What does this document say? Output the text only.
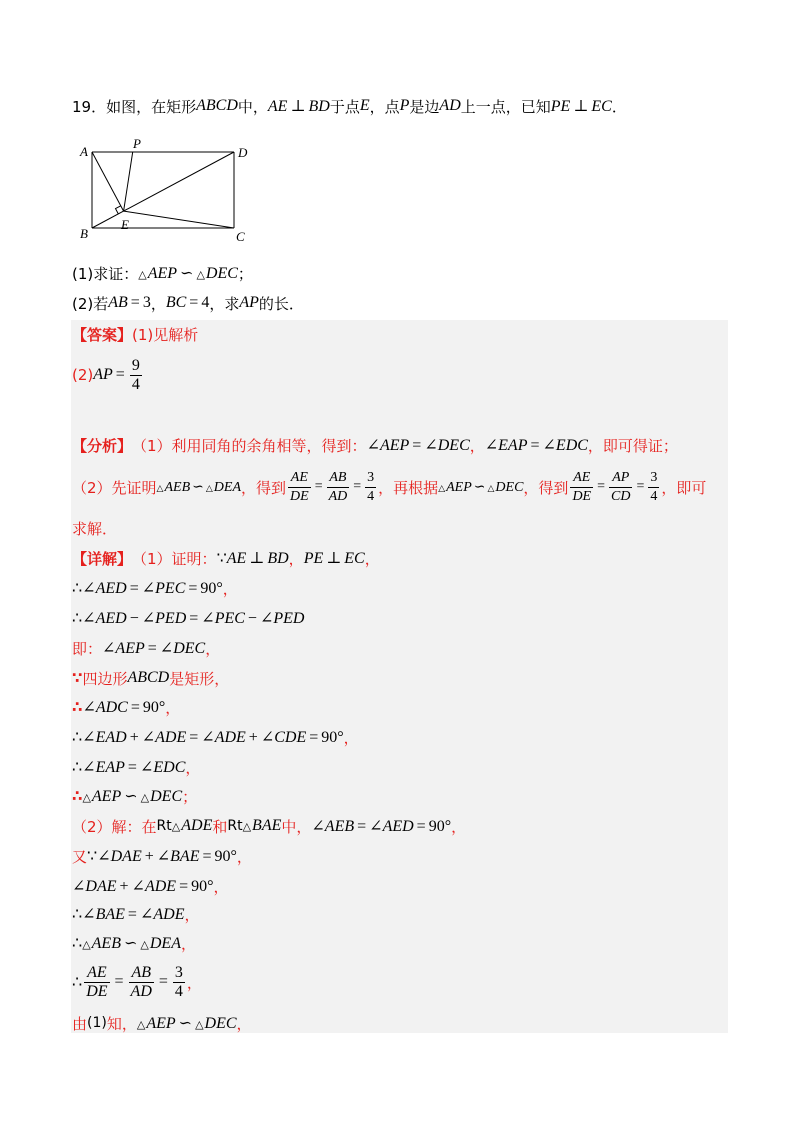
19．如图，在矩形 ABCD 中， AE ⊥ BD 于点 E ，点 P 是边 AD 上一点，已知 PE ⊥ EC ．
A
P
D
B
E
C
(1)求证： △AEP ∽ △DEC ；
(2)若 AB = 3 ， BC = 4 ，求 AP 的长．
【答案】 (1)见解析
(2) AP = $\frac{9}{4}$
【分析】 （1）利用同角的余角相等，得到： ∠AEP = ∠DEC ， ∠EAP = ∠EDC ，即可得证；
（2）先证明 △AEB ∽ △DEA ，得到 $\frac{AE}{DE} = \frac{AB}{AD} = \frac{3}{4}$ ，再根据 △AEP ∽ △DEC ，得到 $\frac{AE}{DE} = \frac{AP}{CD} = \frac{3}{4}$ ，即可
求解．
【详解】 （1）证明： ∵AE ⊥ BD ， PE ⊥ EC ，
∴∠AED = ∠PEC = 90° ，
∴∠AED − ∠PED = ∠PEC − ∠PED
即： ∠AEP = ∠DEC ，
∵ 四边形 ABCD 是矩形，
∴ ∠ADC = 90° ，
∴∠EAD + ∠ADE = ∠ADE + ∠CDE = 90° ，
∴∠EAP = ∠EDC ，
∴ △AEP ∽ △DEC ；
（2）解：在 Rt △ADE 和 Rt △BAE 中， ∠AEB = ∠AED = 90° ，
又 ∵∠DAE + ∠BAE = 90° ，
∠DAE + ∠ADE = 90° ，
∴∠BAE = ∠ADE ，
∴△AEB ∽ △DEA ，
∴ $\frac{AE}{DE} = \frac{AB}{AD} = \frac{3}{4}$ ，
由 (1) 知， △AEP ∽ △DEC ，
